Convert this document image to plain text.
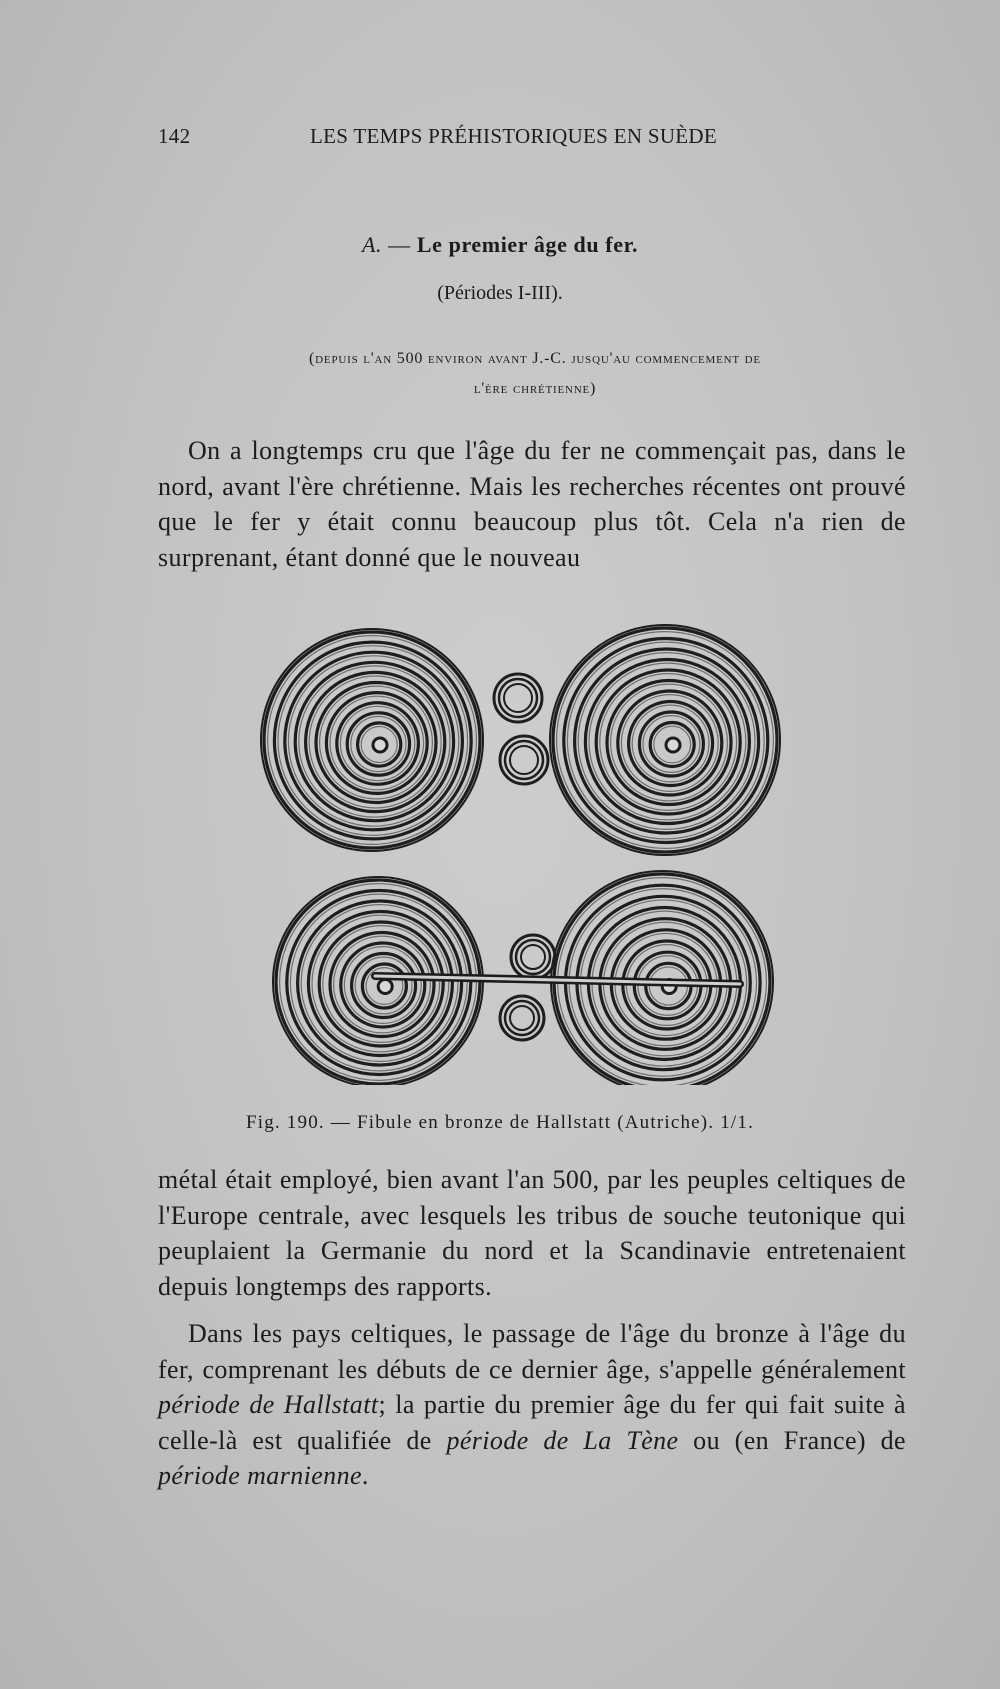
142	LES TEMPS PRÉHISTORIQUES EN SUÈDE
A. — Le premier âge du fer.
(Périodes I-III).
(depuis l'an 500 environ avant J.-C. jusqu'au commencement de
l'ère chrétienne)
On a longtemps cru que l'âge du fer ne commençait pas, dans le nord, avant l'ère chrétienne. Mais les recherches récentes ont prouvé que le fer y était connu beaucoup plus tôt. Cela n'a rien de surprenant, étant donné que le nouveau
Fig. 190. — Fibule en bronze de Hallstatt (Autriche). 1/1.
métal était employé, bien avant l'an 500, par les peuples celtiques de l'Europe centrale, avec lesquels les tribus de souche teutonique qui peuplaient la Germanie du nord et la Scandinavie entretenaient depuis longtemps des rapports.
Dans les pays celtiques, le passage de l'âge du bronze à l'âge du fer, comprenant les débuts de ce dernier âge, s'appelle généralement période de Hallstatt; la partie du premier âge du fer qui fait suite à celle-là est qualifiée de période de La Tène ou (en France) de période marnienne.
